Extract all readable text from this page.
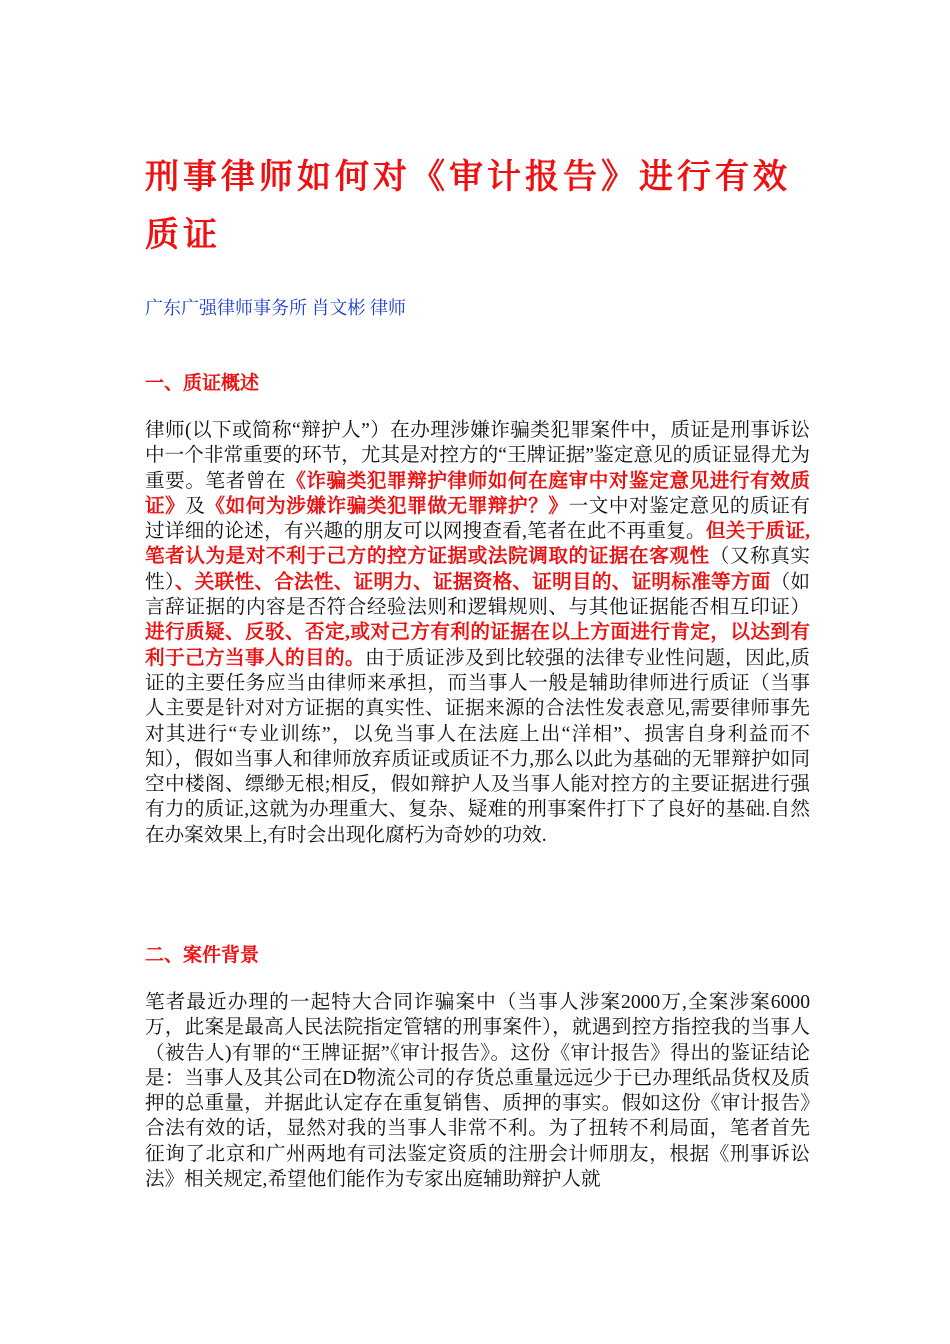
刑事律师如何对《审计报告》进行有效质证

广东广强律师事务所 肖文彬 律师

一、质证概述

律师(以下或简称“辩护人”）在办理涉嫌诈骗类犯罪案件中，质证是刑事诉讼中一个非常重要的环节，尤其是对控方的“王牌证据”鉴定意见的质证显得尤为重要。笔者曾在《诈骗类犯罪辩护律师如何在庭审中对鉴定意见进行有效质证》及《如何为涉嫌诈骗类犯罪做无罪辩护？》一文中对鉴定意见的质证有过详细的论述，有兴趣的朋友可以网搜查看,笔者在此不再重复。但关于质证,笔者认为是对不利于己方的控方证据或法院调取的证据在客观性（又称真实性）、关联性、合法性、证明力、证据资格、证明目的、证明标准等方面（如言辞证据的内容是否符合经验法则和逻辑规则、与其他证据能否相互印证）进行质疑、反驳、否定,或对己方有利的证据在以上方面进行肯定，以达到有利于己方当事人的目的。由于质证涉及到比较强的法律专业性问题，因此,质证的主要任务应当由律师来承担，而当事人一般是辅助律师进行质证（当事人主要是针对对方证据的真实性、证据来源的合法性发表意见,需要律师事先对其进行“专业训练”，以免当事人在法庭上出“洋相”、损害自身利益而不知），假如当事人和律师放弃质证或质证不力,那么以此为基础的无罪辩护如同空中楼阁、缥缈无根;相反，假如辩护人及当事人能对控方的主要证据进行强有力的质证,这就为办理重大、复杂、疑难的刑事案件打下了良好的基础.自然在办案效果上,有时会出现化腐朽为奇妙的功效.

二、案件背景

笔者最近办理的一起特大合同诈骗案中（当事人涉案2000万,全案涉案6000万，此案是最高人民法院指定管辖的刑事案件），就遇到控方指控我的当事人（被告人)有罪的“王牌证据”《审计报告》。这份《审计报告》得出的鉴证结论是：当事人及其公司在D物流公司的存货总重量远远少于已办理纸品货权及质押的总重量，并据此认定存在重复销售、质押的事实。假如这份《审计报告》合法有效的话，显然对我的当事人非常不利。为了扭转不利局面，笔者首先征询了北京和广州两地有司法鉴定资质的注册会计师朋友，根据《刑事诉讼法》相关规定,希望他们能作为专家出庭辅助辩护人就
